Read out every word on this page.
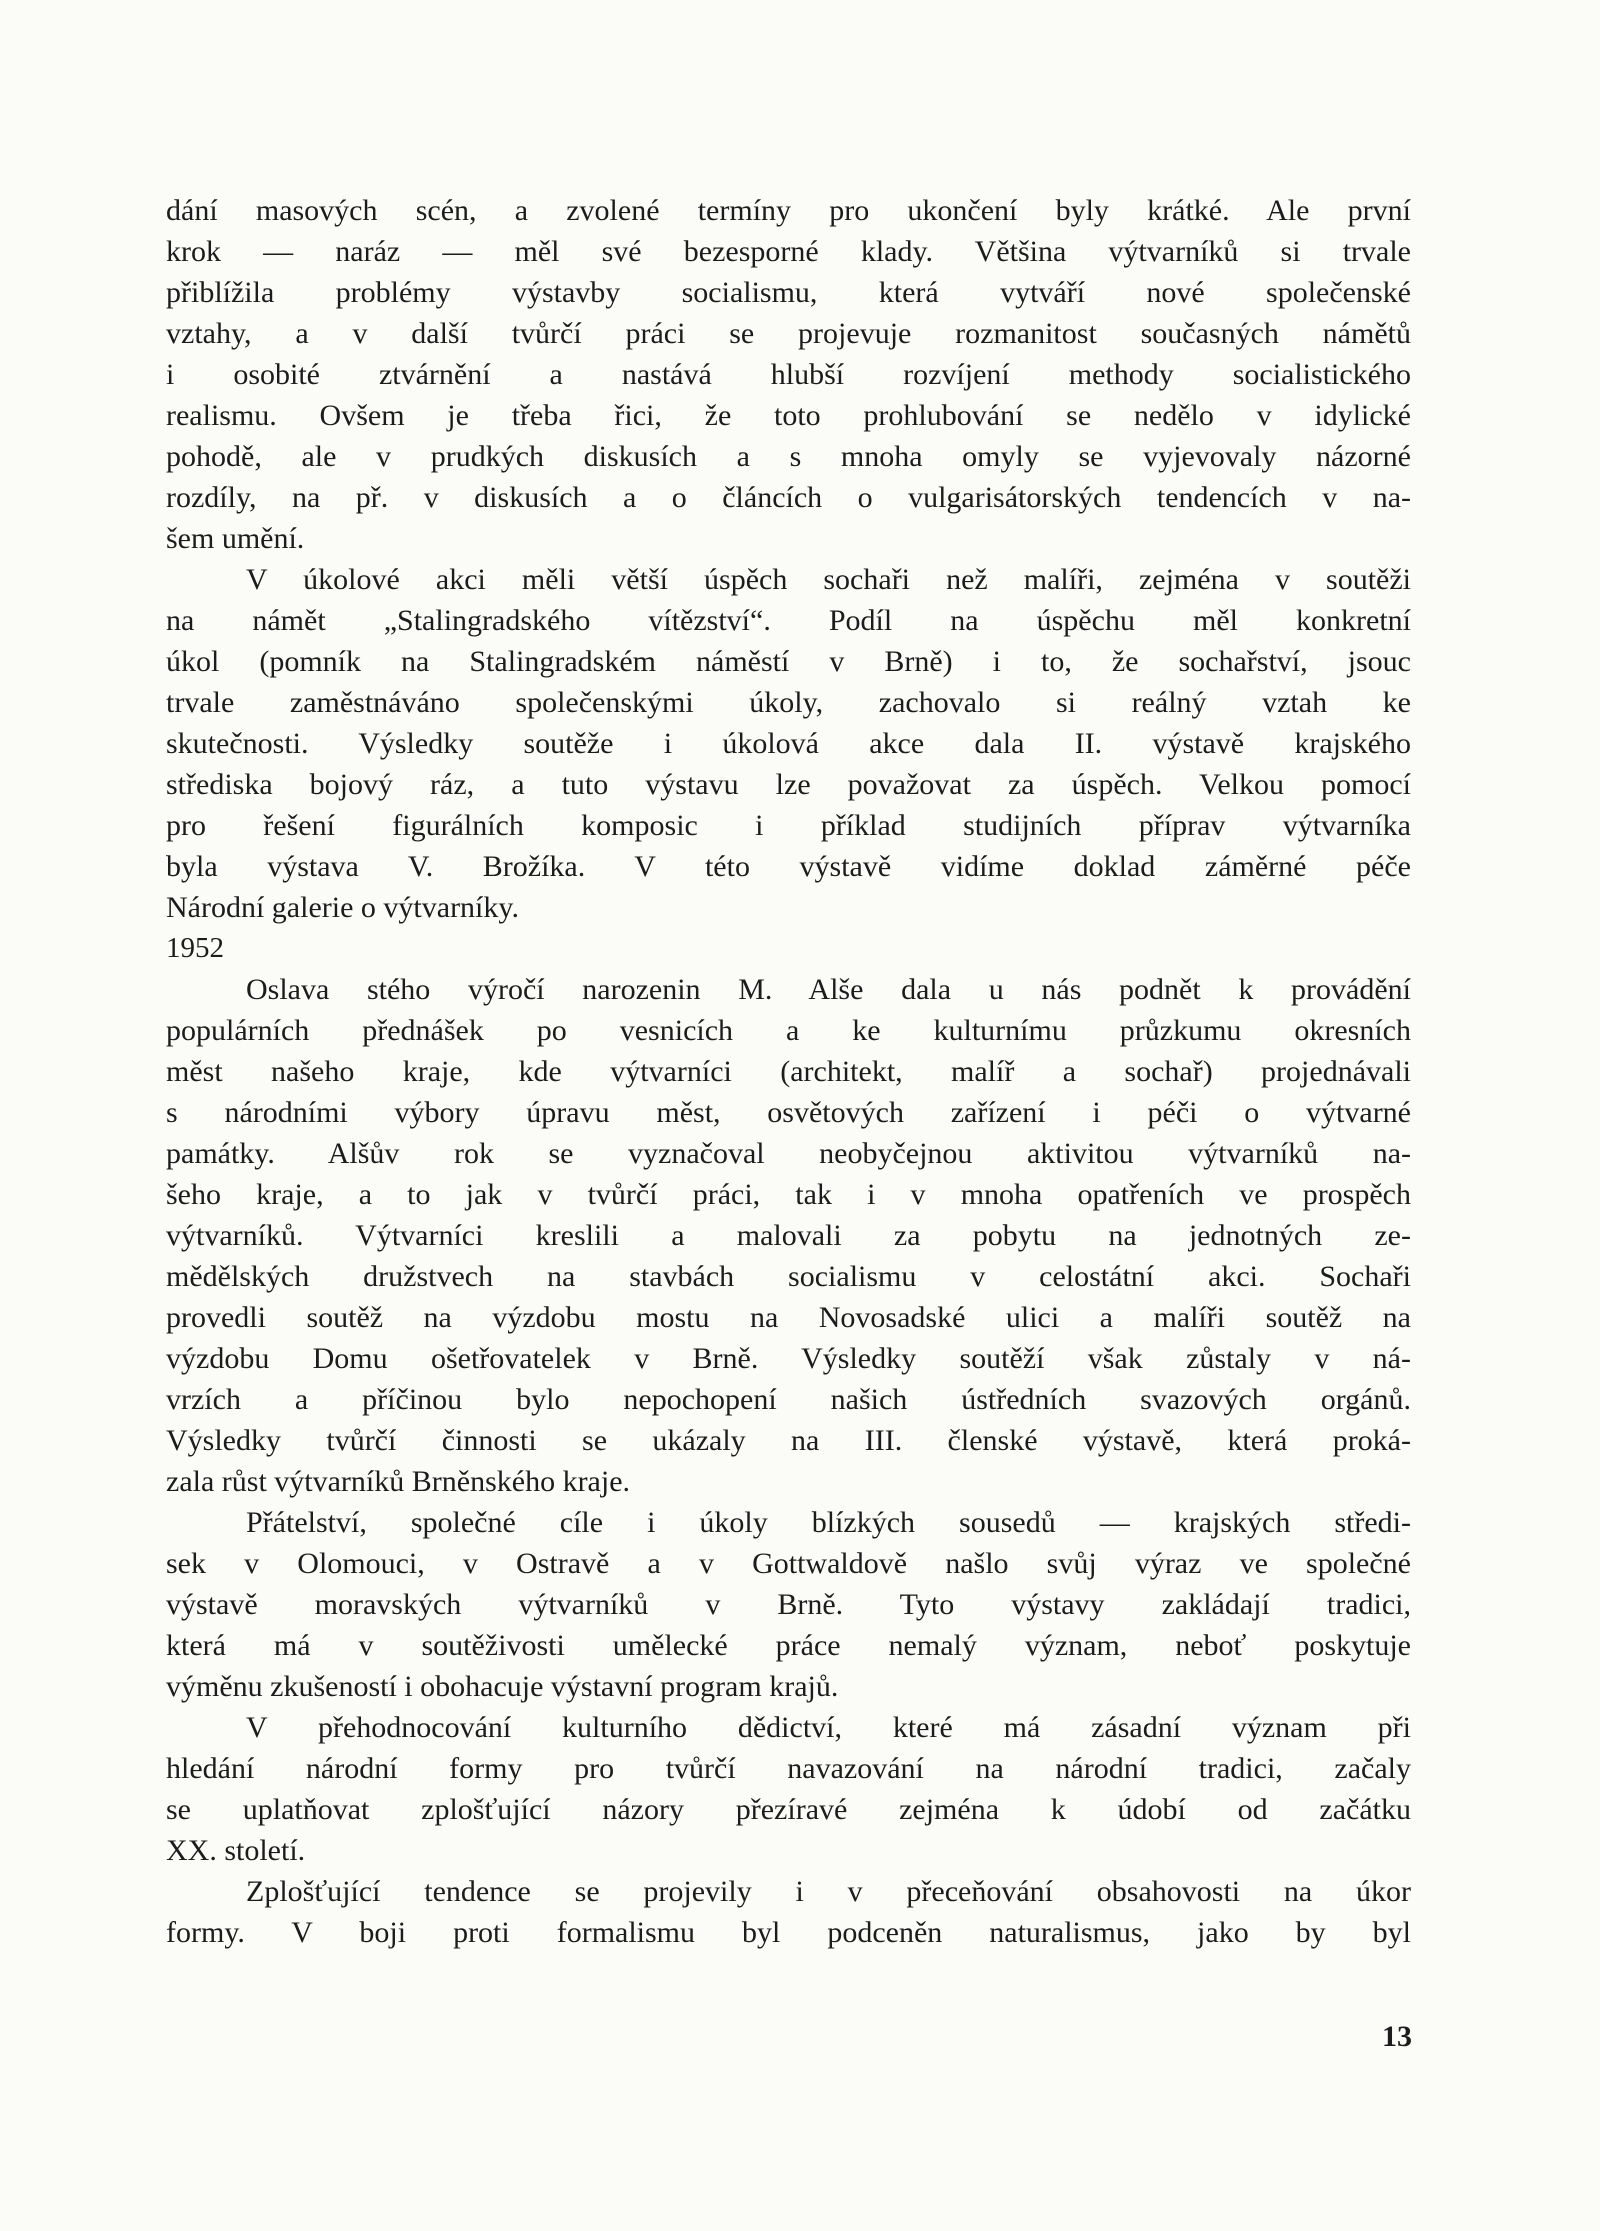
dání masových scén, a zvolené termíny pro ukončení byly krátké. Ale první
krok — naráz — měl své bezesporné klady. Většina výtvarníků si trvale
přiblížila problémy výstavby socialismu, která vytváří nové společenské
vztahy, a v další tvůrčí práci se projevuje rozmanitost současných námětů
i osobité ztvárnění a nastává hlubší rozvíjení methody socialistického
realismu. Ovšem je třeba řici, že toto prohlubování se nedělo v idylické
pohodě, ale v prudkých diskusích a s mnoha omyly se vyjevovaly názorné
rozdíly, na př. v diskusích a o článcích o vulgarisátorských tendencích v na-
šem umění.
V úkolové akci měli větší úspěch sochaři než malíři, zejména v soutěži
na námět „Stalingradského vítězství“. Podíl na úspěchu měl konkretní
úkol (pomník na Stalingradském náměstí v Brně) i to, že sochařství, jsouc
trvale zaměstnáváno společenskými úkoly, zachovalo si reálný vztah ke
skutečnosti. Výsledky soutěže i úkolová akce dala II. výstavě krajského
střediska bojový ráz, a tuto výstavu lze považovat za úspěch. Velkou pomocí
pro řešení figurálních komposic i příklad studijních příprav výtvarníka
byla výstava V. Brožíka. V této výstavě vidíme doklad záměrné péče
Národní galerie o výtvarníky.
1952
Oslava stého výročí narozenin M. Alše dala u nás podnět k provádění
populárních přednášek po vesnicích a ke kulturnímu průzkumu okresních
měst našeho kraje, kde výtvarníci (architekt, malíř a sochař) projednávali
s národními výbory úpravu měst, osvětových zařízení i péči o výtvarné
památky. Alšův rok se vyznačoval neobyčejnou aktivitou výtvarníků na-
šeho kraje, a to jak v tvůrčí práci, tak i v mnoha opatřeních ve prospěch
výtvarníků. Výtvarníci kreslili a malovali za pobytu na jednotných ze-
mědělských družstvech na stavbách socialismu v celostátní akci. Sochaři
provedli soutěž na výzdobu mostu na Novosadské ulici a malíři soutěž na
výzdobu Domu ošetřovatelek v Brně. Výsledky soutěží však zůstaly v ná-
vrzích a příčinou bylo nepochopení našich ústředních svazových orgánů.
Výsledky tvůrčí činnosti se ukázaly na III. členské výstavě, která proká-
zala růst výtvarníků Brněnského kraje.
Přátelství, společné cíle i úkoly blízkých sousedů — krajských středi-
sek v Olomouci, v Ostravě a v Gottwaldově našlo svůj výraz ve společné
výstavě moravských výtvarníků v Brně. Tyto výstavy zakládají tradici,
která má v soutěživosti umělecké práce nemalý význam, neboť poskytuje
výměnu zkušeností i obohacuje výstavní program krajů.
V přehodnocování kulturního dědictví, které má zásadní význam při
hledání národní formy pro tvůrčí navazování na národní tradici, začaly
se uplatňovat zplošťující názory přezíravé zejména k údobí od začátku
XX. století.
Zplošťující tendence se projevily i v přeceňování obsahovosti na úkor
formy. V boji proti formalismu byl podceněn naturalismus, jako by byl
13
